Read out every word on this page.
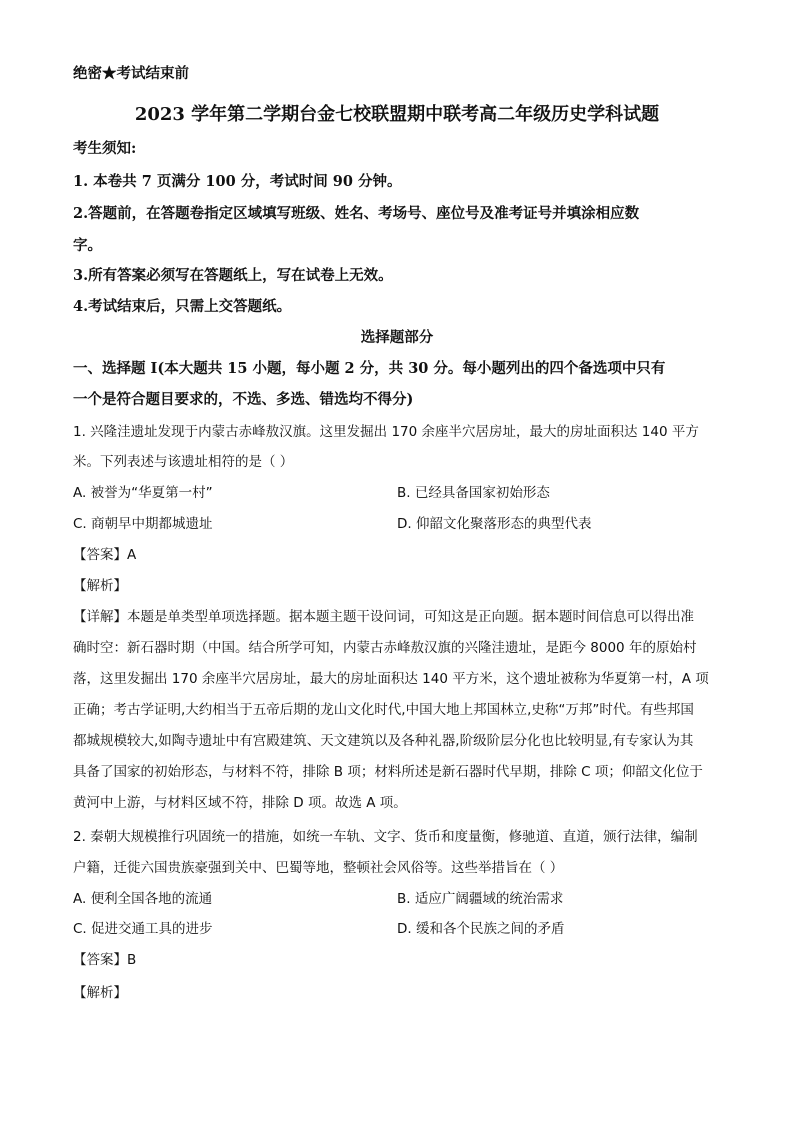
绝密★考试结束前
2023 学年第二学期台金七校联盟期中联考高二年级历史学科试题
考生须知:
1. 本卷共 7 页满分 100 分，考试时间 90 分钟。
2.答题前，在答题卷指定区域填写班级、姓名、考场号、座位号及准考证号并填涂相应数
字。
3.所有答案必须写在答题纸上，写在试卷上无效。
4.考试结束后，只需上交答题纸。
选择题部分
一、选择题 Ⅰ(本大题共 15 小题，每小题 2 分，共 30 分。每小题列出的四个备选项中只有
一个是符合题目要求的，不选、多选、错选均不得分)
1. 兴隆洼遗址发现于内蒙古赤峰敖汉旗。这里发掘出 170 余座半穴居房址，最大的房址面积达 140 平方
米。下列表述与该遗址相符的是（ ）
A. 被誉为“华夏第一村”	B. 已经具备国家初始形态
C. 商朝早中期都城遗址	D. 仰韶文化聚落形态的典型代表
【答案】A
【解析】
【详解】本题是单类型单项选择题。据本题主题干设问词，可知这是正向题。据本题时间信息可以得出准
确时空：新石器时期（中国。结合所学可知，内蒙古赤峰敖汉旗的兴隆洼遗址，是距今 8000 年的原始村
落，这里发掘出 170 余座半穴居房址，最大的房址面积达 140 平方米，这个遗址被称为华夏第一村，A 项
正确；考古学证明,大约相当于五帝后期的龙山文化时代,中国大地上邦国林立,史称“万邦”时代。有些邦国
都城规模较大,如陶寺遗址中有宫殿建筑、天文建筑以及各种礼器,阶级阶层分化也比较明显,有专家认为其
具备了国家的初始形态，与材料不符，排除 B 项；材料所述是新石器时代早期，排除 C 项；仰韶文化位于
黄河中上游，与材料区域不符，排除 D 项。故选 A 项。
2. 秦朝大规模推行巩固统一的措施，如统一车轨、文字、货币和度量衡，修驰道、直道，颁行法律，编制
户籍，迁徙六国贵族豪强到关中、巴蜀等地，整顿社会风俗等。这些举措旨在（ ）
A. 便利全国各地的流通	B. 适应广阔疆域的统治需求
C. 促进交通工具的进步	D. 缓和各个民族之间的矛盾
【答案】B
【解析】
